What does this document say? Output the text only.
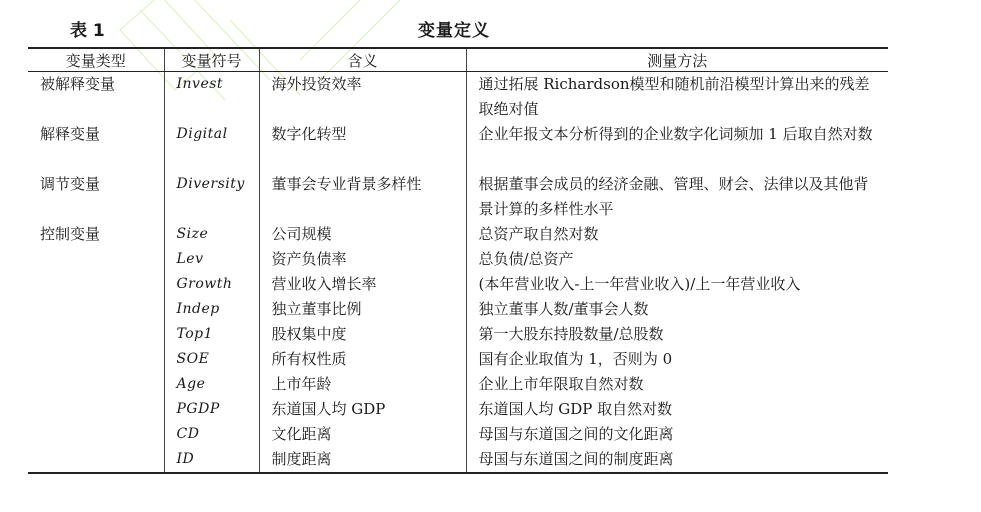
表 1	变量定义
变量类型	变量符号	含义	测量方法
被解释变量	Invest	海外投资效率	通过拓展 Richardson模型和随机前沿模型计算出来的残差取绝对值

解释变量	Digital	数字化转型	企业年报文本分析得到的企业数字化词频加 1 后取自然对数

调节变量	Diversity	董事会专业背景多样性	根据董事会成员的经济金融、管理、财会、法律以及其他背景计算的多样性水平

控制变量	Size	公司规模	总资产取自然对数
	Lev	资产负债率	总负债/总资产
	Growth	营业收入增长率	(本年营业收入-上一年营业收入)/上一年营业收入
	Indep	独立董事比例	独立董事人数/董事会人数
	Top1	股权集中度	第一大股东持股数量/总股数
	SOE	所有权性质	国有企业取值为 1，否则为 0
	Age	上市年龄	企业上市年限取自然对数
	PGDP	东道国人均 GDP	东道国人均 GDP 取自然对数
	CD	文化距离	母国与东道国之间的文化距离
	ID	制度距离	母国与东道国之间的制度距离
